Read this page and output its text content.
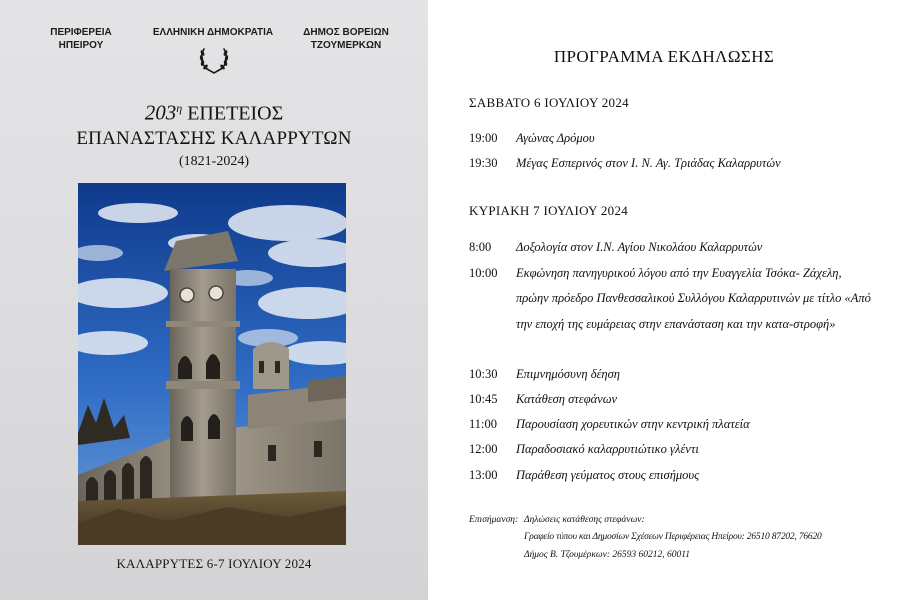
ΠΕΡΙΦΕΡΕΙΑ
ΗΠΕΙΡΟΥ
ΕΛΛΗΝΙΚΗ ΔΗΜΟΚΡΑΤΙΑ	ΔΗΜΟΣ ΒΟΡΕΙΩΝ
ΤΖΟΥΜΕΡΚΩΝ
$203^\eta$ ΕΠΕΤΕΙΟΣ
ΕΠΑΝΑΣΤΑΣΗΣ ΚΑΛΑΡΡΥΤΩΝ
(1821-2024)
ΚΑΛΑΡΡΥΤΕΣ 6-7 ΙΟΥΛΙΟΥ 2024
ΠΡΟΓΡΑΜΜΑ ΕΚΔΗΛΩΣΗΣ
ΣΑΒΒΑΤΟ 6 ΙΟΥΛΙΟΥ 2024
19:00	Αγώνας Δρόμου
19:30	Μέγας Εσπερινός στον Ι. Ν. Αγ. Τριάδας Καλαρρυτών
ΚΥΡΙΑΚΗ 7 ΙΟΥΛΙΟΥ 2024
8:00	Δοξολογία στον Ι.Ν. Αγίου Νικολάου Καλαρρυτών
10:00	Εκφώνηση πανηγυρικού λόγου από την Ευαγγελία Τσόκα- Ζάχελη, πρώην πρόεδρο Πανθεσσαλικού Συλλόγου Καλαρρυτινών με τίτλο «Από την εποχή της ευμάρειας στην επανάσταση και την κατα-στροφή»
10:30	Επιμνημόσυνη δέηση
10:45	Κατάθεση στεφάνων
11:00	Παρουσίαση χορευτικών στην κεντρική πλατεία
12:00	Παραδοσιακό καλαρρυτιώτικο γλέντι
13:00	Παράθεση γεύματος στους επισήμους
Επισήμανση: Δηλώσεις κατάθεσης στεφάνων:
Γραφείο τύπου και Δημοσίων Σχέσεων Περιφέρειας Ηπείρου: 26510 87202, 76620
Δήμος Β. Τζουμέρκων: 26593 60212, 60011
